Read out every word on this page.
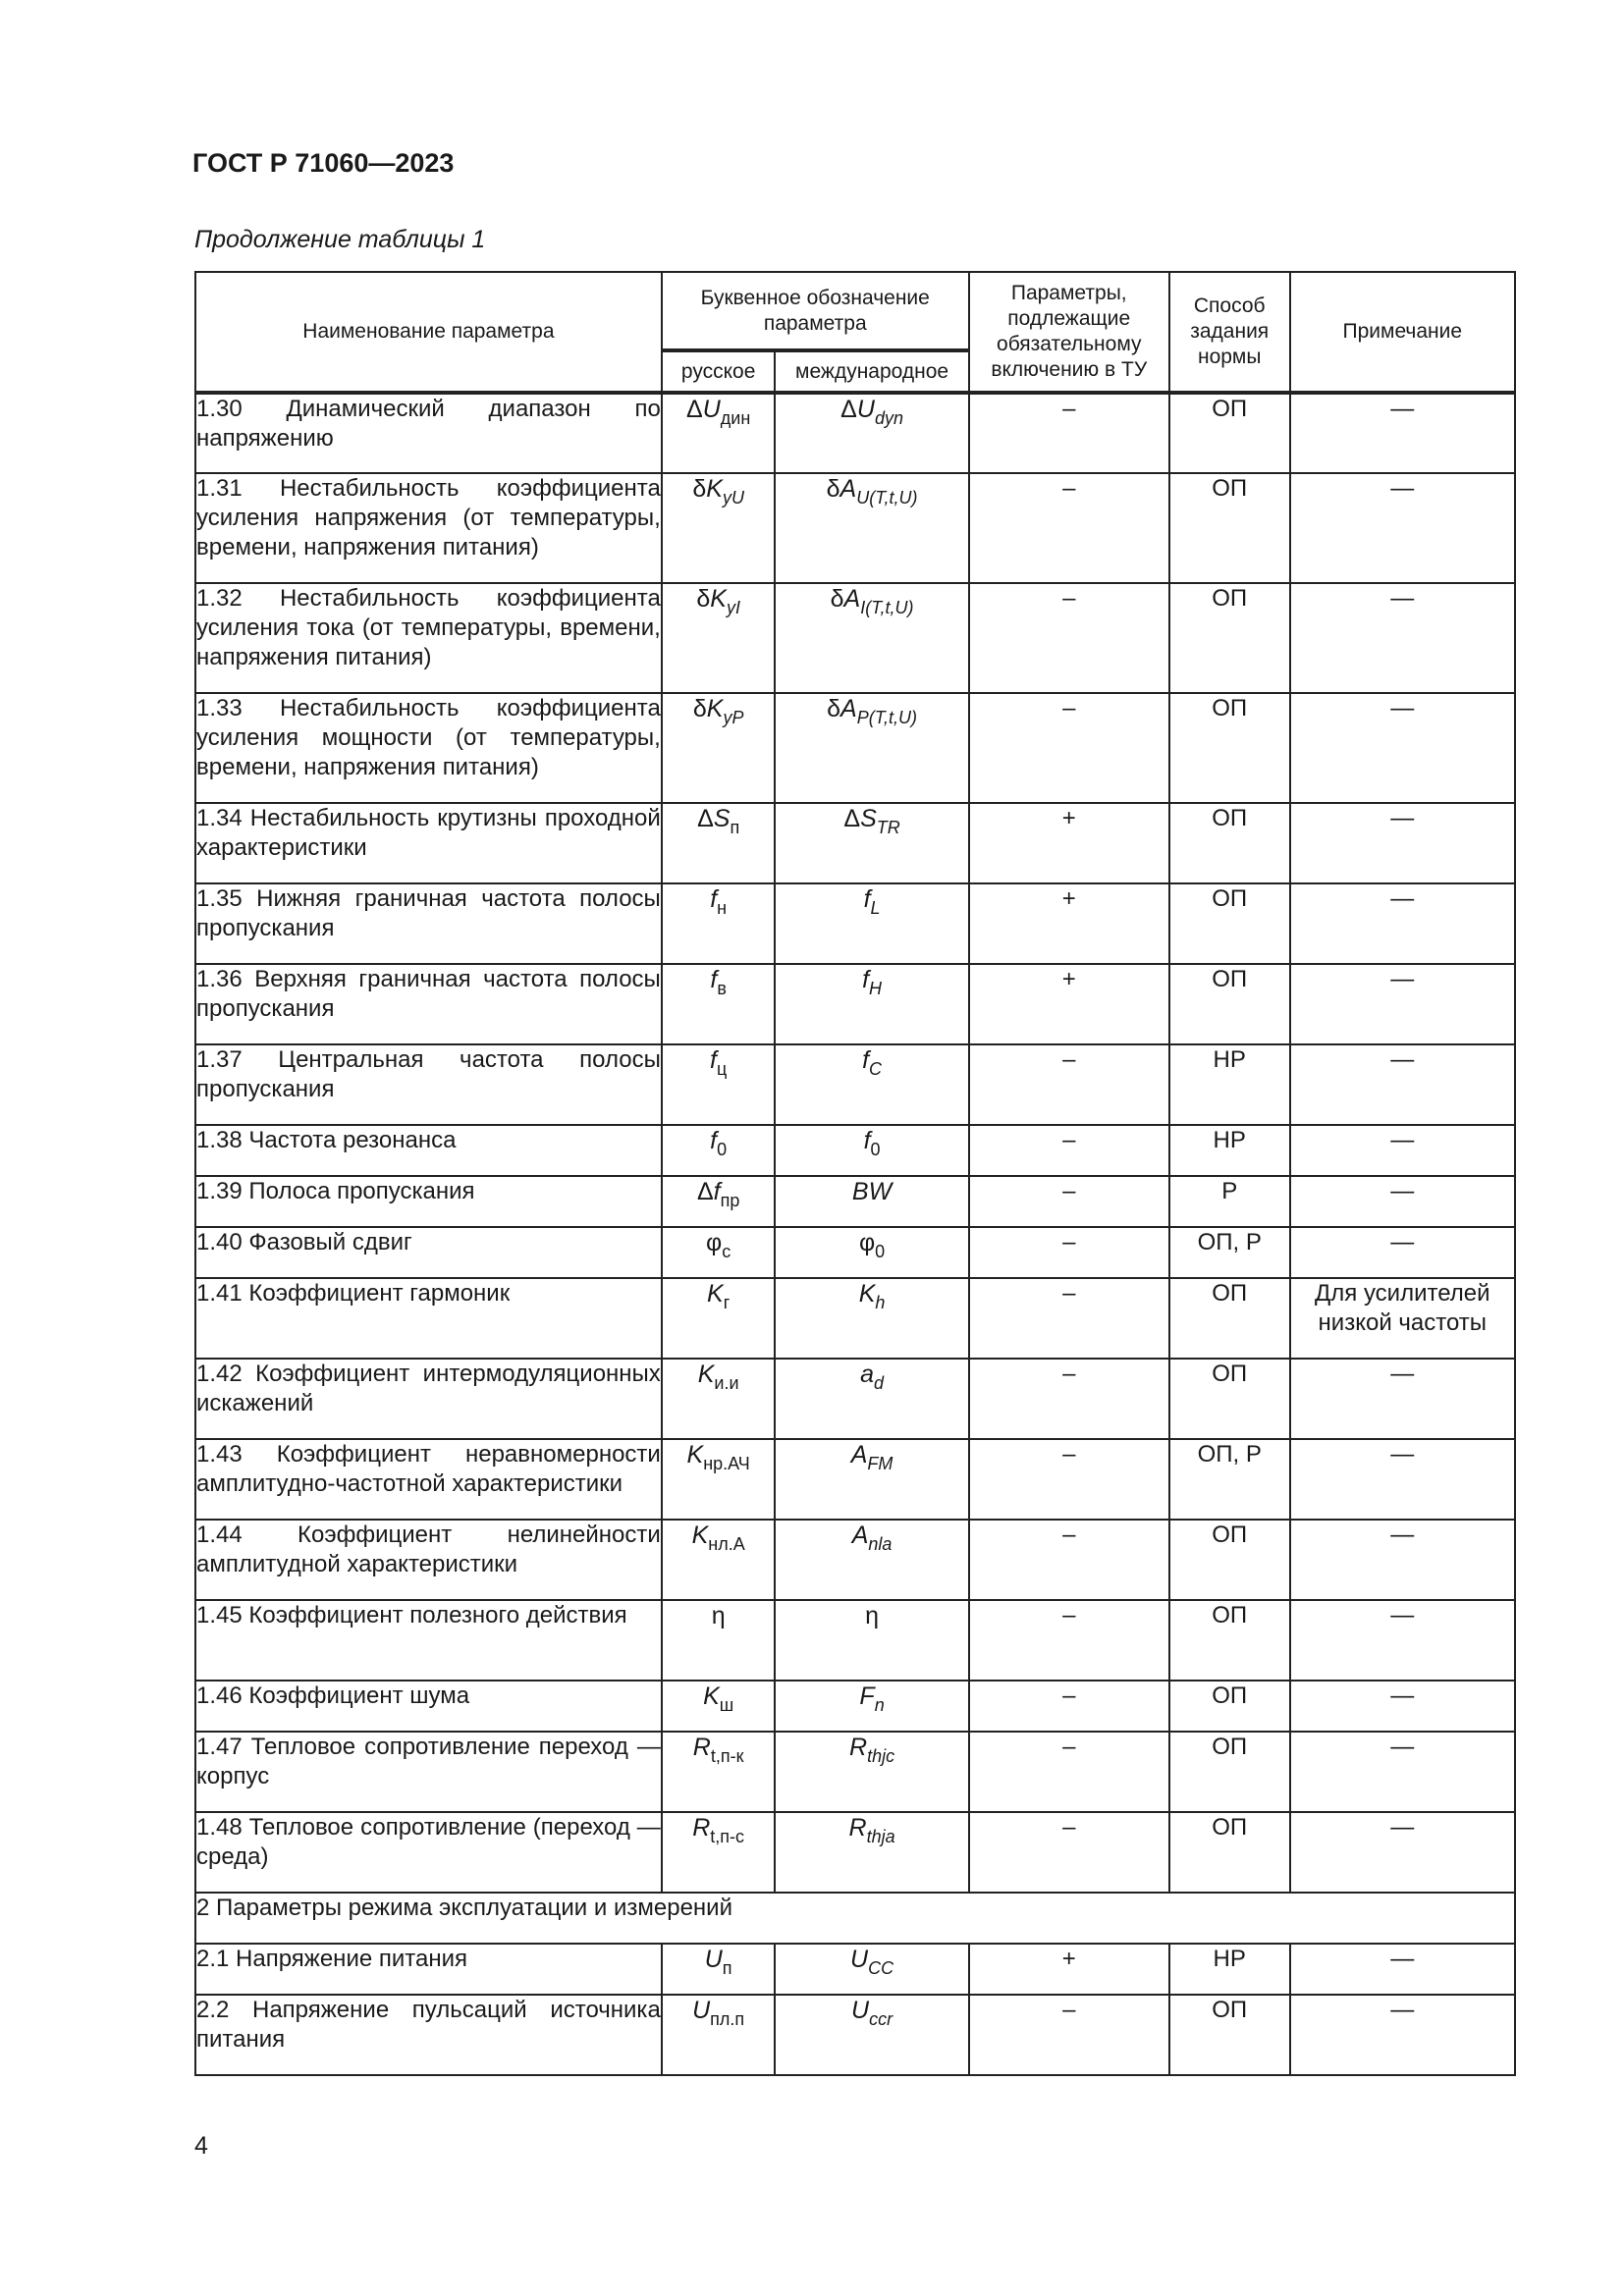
ГОСТ Р 71060—2023

Продолжение таблицы 1

Наименование параметра	Буквенное обозначение параметра		Параметры, подлежащие обязательному включению в ТУ	Способ задания нормы	Примечание
	русское	международное			
1.30 Динамический диапазон по напряжению	$\Delta U_{дин}$	$\Delta U_{dyn}$	–	ОП	—
1.31 Нестабильность коэффициента усиления напряжения (от температуры, времени, напряжения питания)	$\delta K_{уU}$	$\delta A_{U(T,t,U)}$	–	ОП	—
1.32 Нестабильность коэффициента усиления тока (от температуры, времени, напряжения питания)	$\delta K_{уI}$	$\delta A_{I(T,t,U)}$	–	ОП	—
1.33 Нестабильность коэффициента усиления мощности (от температуры, времени, напряжения питания)	$\delta K_{уP}$	$\delta A_{P(T,t,U)}$	–	ОП	—
1.34 Нестабильность крутизны проходной характеристики	$\Delta S_п$	$\Delta S_{TR}$	+	ОП	—
1.35 Нижняя граничная частота полосы пропускания	$f_н$	$f_L$	+	ОП	—
1.36 Верхняя граничная частота полосы пропускания	$f_в$	$f_H$	+	ОП	—
1.37 Центральная частота полосы пропускания	$f_ц$	$f_C$	–	НР	—
1.38 Частота резонанса	$f_0$	$f_0$	–	НР	—
1.39 Полоса пропускания	$\Delta f_{пр}$	BW	–	Р	—
1.40 Фазовый сдвиг	$\varphi_с$	$\varphi_0$	–	ОП, Р	—
1.41 Коэффициент гармоник	$K_г$	$K_h$	–	ОП	Для усилителей низкой частоты
1.42 Коэффициент интермодуляционных искажений	$K_{и.и}$	$a_d$	–	ОП	—
1.43 Коэффициент неравномерности амплитудно-частотной характеристики	$K_{нр.АЧ}$	$A_{FM}$	–	ОП, Р	—
1.44 Коэффициент нелинейности амплитудной характеристики	$K_{нл.А}$	$A_{nla}$	–	ОП	—
1.45 Коэффициент полезного действия	η	η	–	ОП	—
1.46 Коэффициент шума	$K_ш$	$F_n$	–	ОП	—
1.47 Тепловое сопротивление переход — корпус	$R_{t,п-к}$	$R_{thjc}$	–	ОП	—
1.48 Тепловое сопротивление (переход — среда)	$R_{t,п-с}$	$R_{thja}$	–	ОП	—
2 Параметры режима эксплуатации и измерений					
2.1 Напряжение питания	$U_п$	$U_{CC}$	+	НР	—
2.2 Напряжение пульсаций источника питания	$U_{пл.п}$	$U_{ccr}$	–	ОП	—

4
